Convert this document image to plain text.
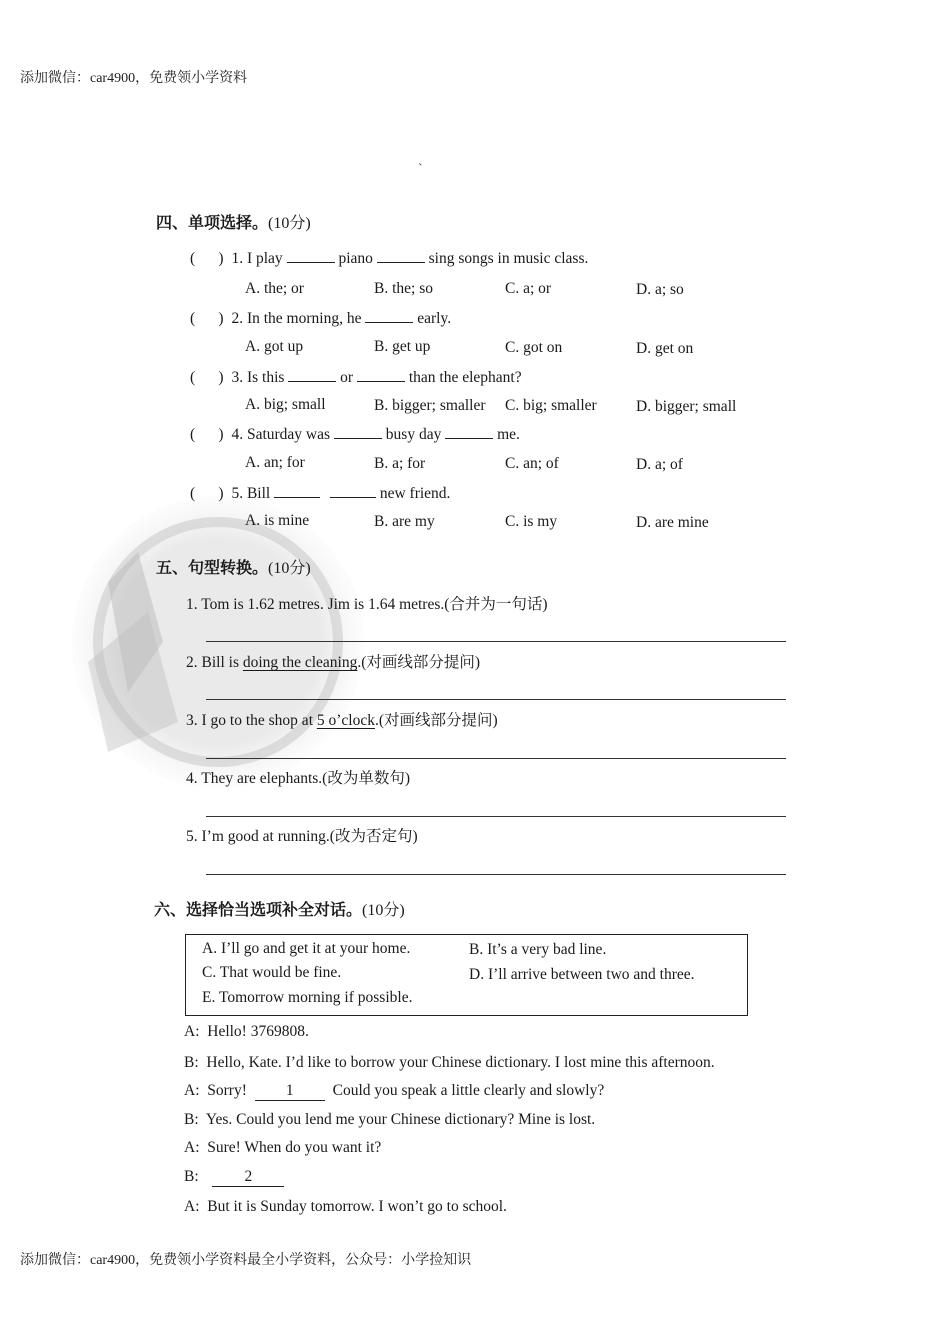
添加微信：car4900，免费领小学资料
ˋ
四、单项选择。(10分)
(      ) 1. I play	piano	sing songs in music class.
A. the; or	B. the; so	C. a; or	D. a; so
(      ) 2. In the morning, he	early.
A. got up	B. get up	C. got on	D. get on
(      ) 3. Is this	or	than the elephant?
A. big; small	B. bigger; smaller C. big; smaller	D. bigger; small
(      ) 4. Saturday was	busy day	me.
A. an; for	B. a; for	C. an; of	D. a; of
(      ) 5. Bill	new friend.
A. is mine	B. are my	C. is my	D. are mine
五、句型转换。(10分)
1. Tom is 1.62 metres. Jim is 1.64 metres.(合并为一句话)
2. Bill is doing the cleaning.(对画线部分提问)
3. I go to the shop at 5 o’clock.(对画线部分提问)
4. They are elephants.(改为单数句)
5. I’m good at running.(改为否定句)
六、选择恰当选项补全对话。(10分)
A. I’ll go and get it at your home.	B. It’s a very bad line.
C. That would be fine.	D. I’ll arrive between two and three.
E. Tomorrow morning if possible.
A: Hello! 3769808.
B: Hello, Kate. I’d like to borrow your Chinese dictionary. I lost mine this afternoon.
A: Sorry!	1	Could you speak a little clearly and slowly?
B: Yes. Could you lend me your Chinese dictionary? Mine is lost.
A: Sure! When do you want it?
B:	2
A: But it is Sunday tomorrow. I won’t go to school.
添加微信：car4900，免费领小学资料最全小学资料，公众号：小学捡知识
